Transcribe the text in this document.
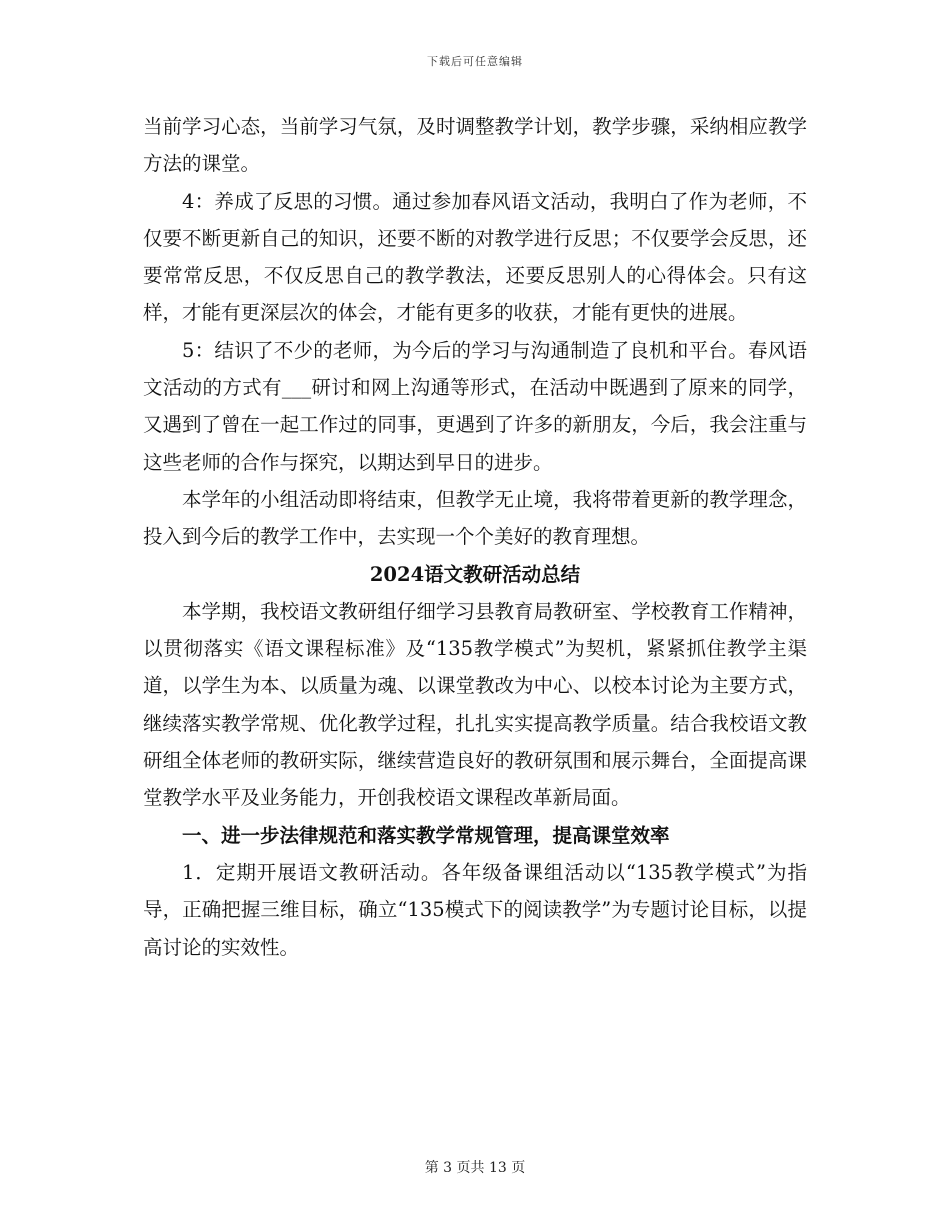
下载后可任意编辑

当前学习心态，当前学习气氛，及时调整教学计划，教学步骤，采纳相应教学方法的课堂。

4：养成了反思的习惯。通过参加春风语文活动，我明白了作为老师，不仅要不断更新自己的知识，还要不断的对教学进行反思；不仅要学会反思，还要常常反思，不仅反思自己的教学教法，还要反思别人的心得体会。只有这样，才能有更深层次的体会，才能有更多的收获，才能有更快的进展。

5：结识了不少的老师，为今后的学习与沟通制造了良机和平台。春风语文活动的方式有___研讨和网上沟通等形式，在活动中既遇到了原来的同学，又遇到了曾在一起工作过的同事，更遇到了许多的新朋友，今后，我会注重与这些老师的合作与探究，以期达到早日的进步。

本学年的小组活动即将结束，但教学无止境，我将带着更新的教学理念，投入到今后的教学工作中，去实现一个个美好的教育理想。

2024语文教研活动总结

本学期，我校语文教研组仔细学习县教育局教研室、学校教育工作精神，以贯彻落实《语文课程标准》及“135教学模式”为契机，紧紧抓住教学主渠道，以学生为本、以质量为魂、以课堂教改为中心、以校本讨论为主要方式，继续落实教学常规、优化教学过程，扎扎实实提高教学质量。结合我校语文教研组全体老师的教研实际，继续营造良好的教研氛围和展示舞台，全面提高课堂教学水平及业务能力，开创我校语文课程改革新局面。

一、进一步法律规范和落实教学常规管理，提高课堂效率

1．定期开展语文教研活动。各年级备课组活动以“135教学模式”为指导，正确把握三维目标，确立“135模式下的阅读教学”为专题讨论目标，以提高讨论的实效性。

第 3 页共 13 页
